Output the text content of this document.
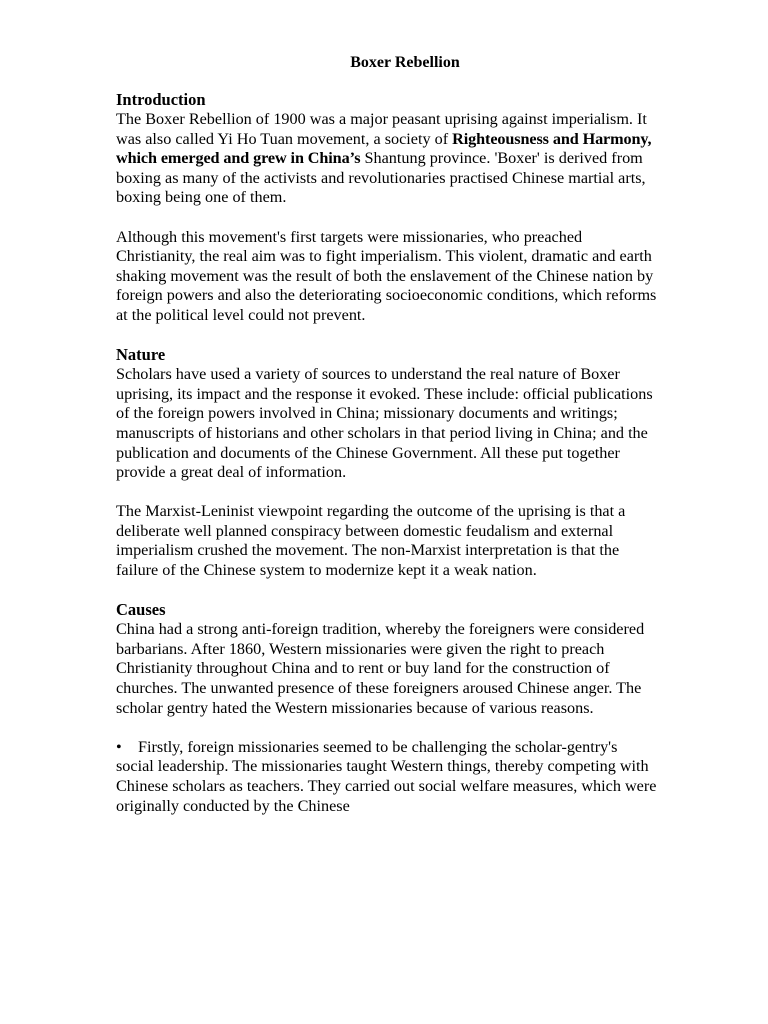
Boxer Rebellion
Introduction

The Boxer Rebellion of 1900 was a major peasant uprising against imperialism. It was also called Yi Ho Tuan movement, a society of Righteousness and Harmony, which emerged and grew in China’s Shantung province. 'Boxer' is derived from boxing as many of the activists and revolutionaries practised Chinese martial arts, boxing being one of them.

Although this movement's first targets were missionaries, who preached Christianity, the real aim was to fight imperialism. This violent, dramatic and earth shaking movement was the result of both the enslavement of the Chinese nation by foreign powers and also the deteriorating socioeconomic conditions, which reforms at the political level could not prevent.

Nature

Scholars have used a variety of sources to understand the real nature of Boxer uprising, its impact and the response it evoked. These include: official publications of the foreign powers involved in China; missionary documents and writings; manuscripts of historians and other scholars in that period living in China; and the publication and documents of the Chinese Government. All these put together provide a great deal of information.

The Marxist-Leninist viewpoint regarding the outcome of the uprising is that a deliberate well planned conspiracy between domestic feudalism and external imperialism crushed the movement. The non-Marxist interpretation is that the failure of the Chinese system to modernize kept it a weak nation.

Causes

China had a strong anti-foreign tradition, whereby the foreigners were considered barbarians. After 1860, Western missionaries were given the right to preach Christianity throughout China and to rent or buy land for the construction of churches. The unwanted presence of these foreigners aroused Chinese anger. The scholar gentry hated the Western missionaries because of various reasons.

• Firstly, foreign missionaries seemed to be challenging the scholar-gentry's social leadership. The missionaries taught Western things, thereby competing with Chinese scholars as teachers. They carried out social welfare measures, which were originally conducted by the Chinese
